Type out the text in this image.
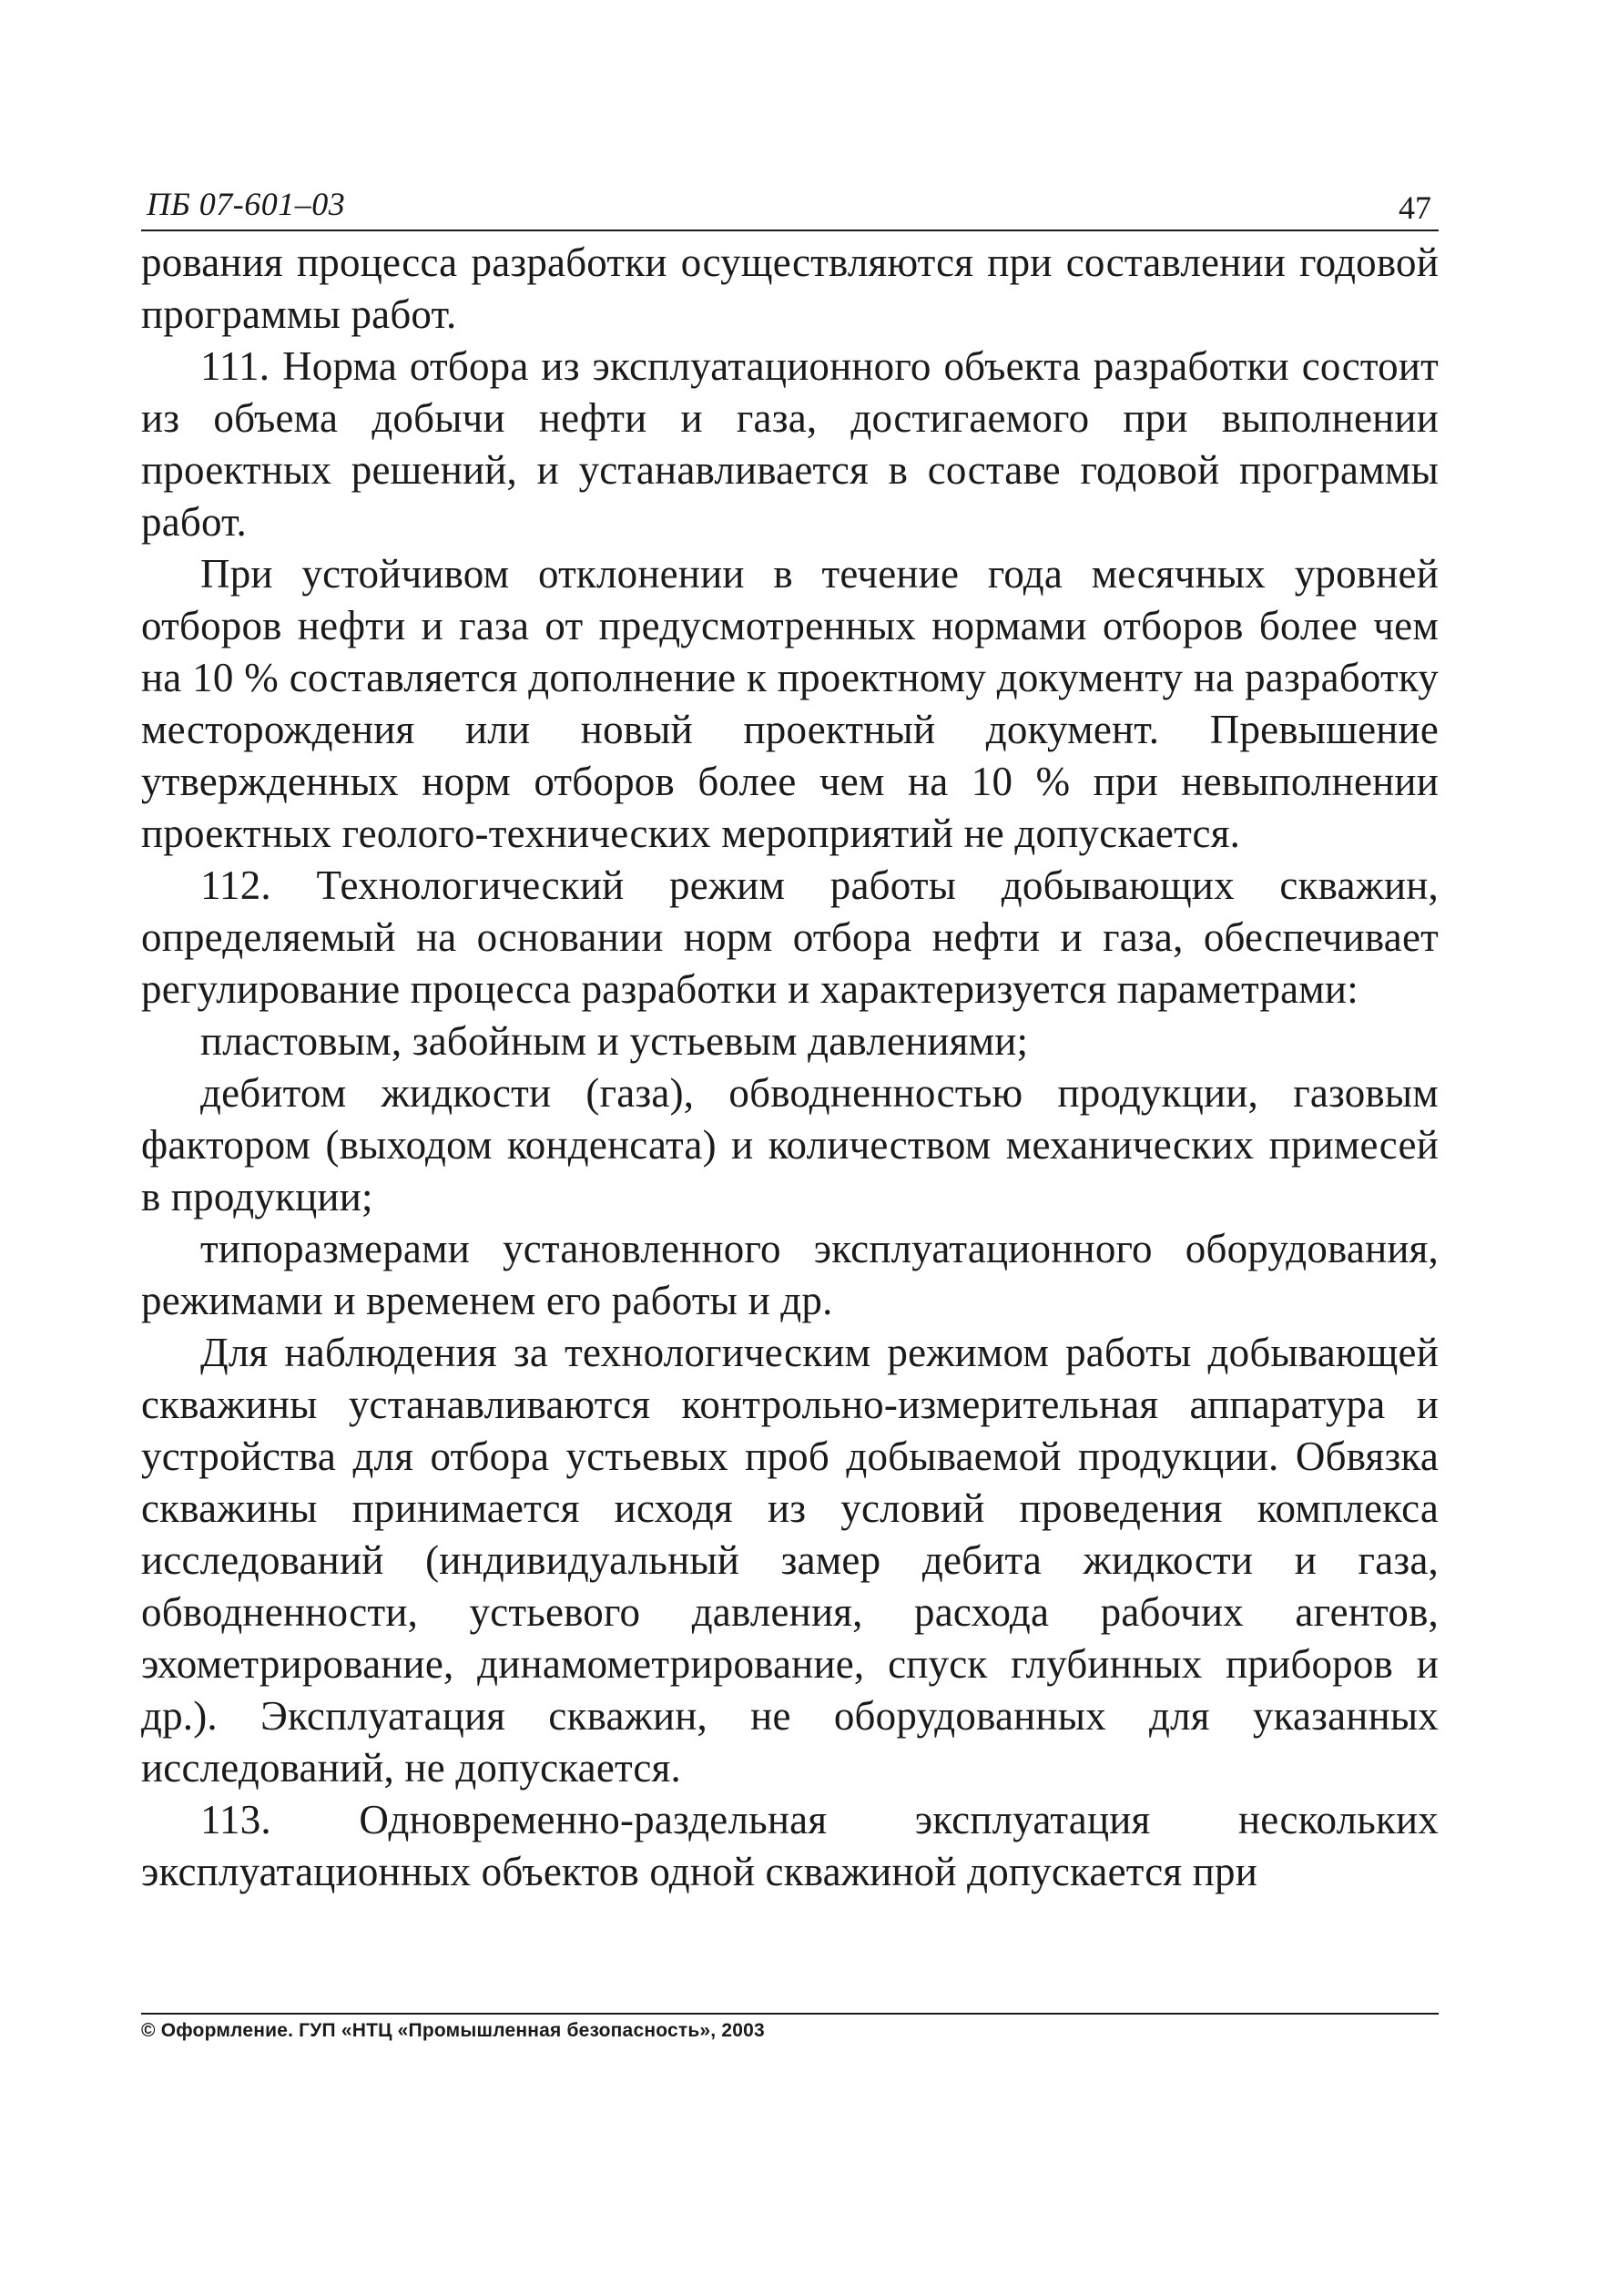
ПБ 07-601–03	47

рования процесса разработки осуществляются при составлении годовой программы работ.

111. Норма отбора из эксплуатационного объекта разработки состоит из объема добычи нефти и газа, достигаемого при выполнении проектных решений, и устанавливается в составе годовой программы работ.

При устойчивом отклонении в течение года месячных уровней отборов нефти и газа от предусмотренных нормами отборов более чем на 10 % составляется дополнение к проектному документу на разработку месторождения или новый проектный документ. Превышение утвержденных норм отборов более чем на 10 % при невыполнении проектных геолого-технических мероприятий не допускается.

112. Технологический режим работы добывающих скважин, определяемый на основании норм отбора нефти и газа, обеспечивает регулирование процесса разработки и характеризуется параметрами:

пластовым, забойным и устьевым давлениями;

дебитом жидкости (газа), обводненностью продукции, газовым фактором (выходом конденсата) и количеством механических примесей в продукции;

типоразмерами установленного эксплуатационного оборудования, режимами и временем его работы и др.

Для наблюдения за технологическим режимом работы добывающей скважины устанавливаются контрольно-измерительная аппаратура и устройства для отбора устьевых проб добываемой продукции. Обвязка скважины принимается исходя из условий проведения комплекса исследований (индивидуальный замер дебита жидкости и газа, обводненности, устьевого давления, расхода рабочих агентов, эхометрирование, динамометрирование, спуск глубинных приборов и др.). Эксплуатация скважин, не оборудованных для указанных исследований, не допускается.

113. Одновременно-раздельная эксплуатация нескольких эксплуатационных объектов одной скважиной допускается при

© Оформление. ГУП «НТЦ «Промышленная безопасность», 2003
